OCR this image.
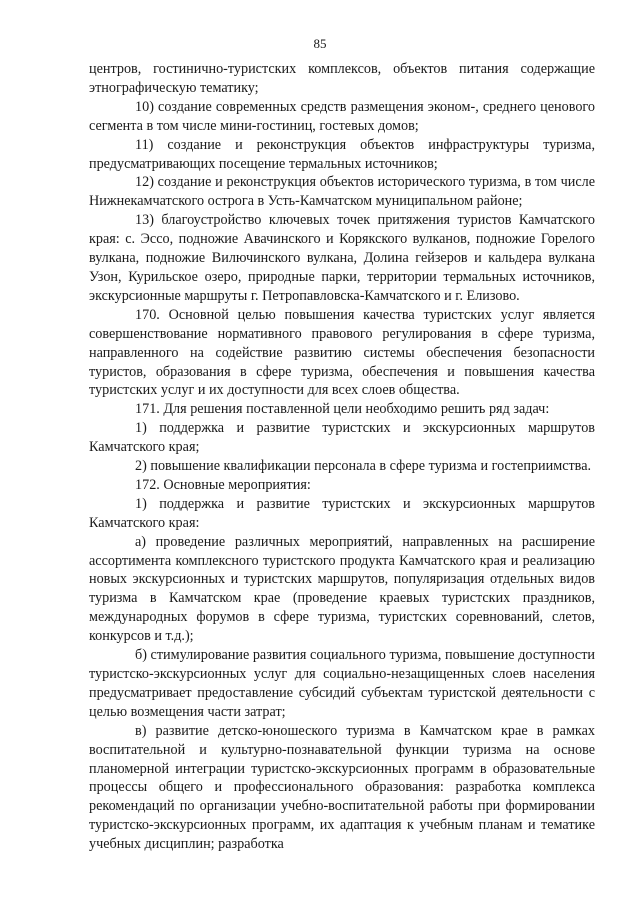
85

центров, гостинично-туристских комплексов, объектов питания содержащие этнографическую тематику;

10) создание современных средств размещения эконом-, среднего ценового сегмента в том числе мини-гостиниц, гостевых домов;

11) создание и реконструкция объектов инфраструктуры туризма, предусматривающих посещение термальных источников;

12) создание и реконструкция объектов исторического туризма, в том числе Нижнекамчатского острога в Усть-Камчатском муниципальном районе;

13) благоустройство ключевых точек притяжения туристов Камчатского края: с. Эссо, подножие Авачинского и Корякского вулканов, подножие Горелого вулкана, подножие Вилючинского вулкана, Долина гейзеров и кальдера вулкана Узон, Курильское озеро, природные парки, территории термальных источников, экскурсионные маршруты г. Петропавловска-Камчатского и г. Елизово.

170. Основной целью повышения качества туристских услуг является совершенствование нормативного правового регулирования в сфере туризма, направленного на содействие развитию системы обеспечения безопасности туристов, образования в сфере туризма, обеспечения и повышения качества туристских услуг и их доступности для всех слоев общества.

171. Для решения поставленной цели необходимо решить ряд задач:

1) поддержка и развитие туристских и экскурсионных маршрутов Камчатского края;

2) повышение квалификации персонала в сфере туризма и гостеприимства.

172. Основные мероприятия:

1) поддержка и развитие туристских и экскурсионных маршрутов Камчатского края:

а) проведение различных мероприятий, направленных на расширение ассортимента комплексного туристского продукта Камчатского края и реализацию новых экскурсионных и туристских маршрутов, популяризация отдельных видов туризма в Камчатском крае (проведение краевых туристских праздников, международных форумов в сфере туризма, туристских соревнований, слетов, конкурсов и т.д.);

б) стимулирование развития социального туризма, повышение доступности туристско-экскурсионных услуг для социально-незащищенных слоев населения предусматривает предоставление субсидий субъектам туристской деятельности с целью возмещения части затрат;

в) развитие детско-юношеского туризма в Камчатском крае в рамках воспитательной и культурно-познавательной функции туризма на основе планомерной интеграции туристско-экскурсионных программ в образовательные процессы общего и профессионального образования: разработка комплекса рекомендаций по организации учебно-воспитательной работы при формировании туристско-экскурсионных программ, их адаптация к учебным планам и тематике учебных дисциплин; разработка
